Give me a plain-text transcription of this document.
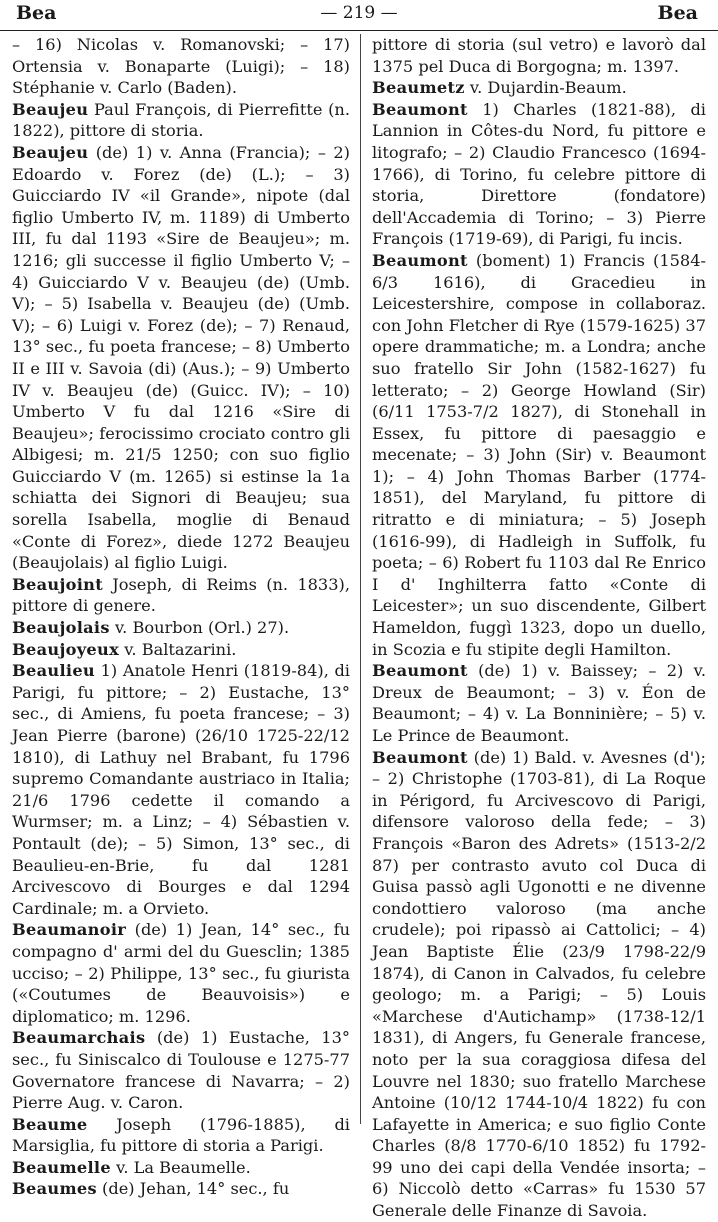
Bea	— 219 —	Bea

– 16) Nicolas v. Romanovski; – 17) Ortensia v. Bonaparte (Luigi); – 18) Stéphanie v. Carlo (Baden).

Beaujeu Paul François, di Pierrefitte (n. 1822), pittore di storia.

Beaujeu (de) 1) v. Anna (Francia); – 2) Edoardo v. Forez (de) (L.); – 3) Guicciardo IV «il Grande», nipote (dal figlio Umberto IV, m. 1189) di Umberto III, fu dal 1193 «Sire de Beaujeu»; m. 1216; gli successe il figlio Umberto V; – 4) Guicciardo V v. Beaujeu (de) (Umb. V); – 5) Isabella v. Beaujeu (de) (Umb. V); – 6) Luigi v. Forez (de); – 7) Renaud, 13° sec., fu poeta francese; – 8) Umberto II e III v. Savoia (di) (Aus.); – 9) Umberto IV v. Beaujeu (de) (Guicc. IV); – 10) Umberto V fu dal 1216 «Sire di Beaujeu»; ferocissimo crociato contro gli Albigesi; m. 21/5 1250; con suo figlio Guicciardo V (m. 1265) si estinse la 1a schiatta dei Signori di Beaujeu; sua sorella Isabella, moglie di Benaud «Conte di Forez», diede 1272 Beaujeu (Beaujolais) al figlio Luigi.

Beaujoint Joseph, di Reims (n. 1833), pittore di genere.

Beaujolais v. Bourbon (Orl.) 27).

Beaujoyeux v. Baltazarini.

Beaulieu 1) Anatole Henri (1819-84), di Parigi, fu pittore; – 2) Eustache, 13° sec., di Amiens, fu poeta francese; – 3) Jean Pierre (barone) (26/10 1725-22/12 1810), di Lathuy nel Brabant, fu 1796 supremo Comandante austriaco in Italia; 21/6 1796 cedette il comando a Wurmser; m. a Linz; – 4) Sébastien v. Pontault (de); – 5) Simon, 13° sec., di Beaulieu-en-Brie, fu dal 1281 Arcivescovo di Bourges e dal 1294 Cardinale; m. a Orvieto.

Beaumanoir (de) 1) Jean, 14° sec., fu compagno d' armi del du Guesclin; 1385 ucciso; – 2) Philippe, 13° sec., fu giurista («Coutumes de Beauvoisis») e diplomatico; m. 1296.

Beaumarchais (de) 1) Eustache, 13° sec., fu Siniscalco di Toulouse e 1275-77 Governatore francese di Navarra; – 2) Pierre Aug. v. Caron.

Beaume Joseph (1796-1885), di Marsiglia, fu pittore di storia a Parigi.

Beaumelle v. La Beaumelle.

Beaumes (de) Jehan, 14° sec., fu

pittore di storia (sul vetro) e lavorò dal 1375 pel Duca di Borgogna; m. 1397.

Beaumetz v. Dujardin-Beaum.

Beaumont 1) Charles (1821-88), di Lannion in Côtes-du Nord, fu pittore e litografo; – 2) Claudio Francesco (1694-1766), di Torino, fu celebre pittore di storia, Direttore (fondatore) dell'Accademia di Torino; – 3) Pierre François (1719-69), di Parigi, fu incis.

Beaumont (boment) 1) Francis (1584-6/3 1616), di Gracedieu in Leicestershire, compose in collaboraz. con John Fletcher di Rye (1579-1625) 37 opere drammatiche; m. a Londra; anche suo fratello Sir John (1582-1627) fu letterato; – 2) George Howland (Sir) (6/11 1753-7/2 1827), di Stonehall in Essex, fu pittore di paesaggio e mecenate; – 3) John (Sir) v. Beaumont 1); – 4) John Thomas Barber (1774-1851), del Maryland, fu pittore di ritratto e di miniatura; – 5) Joseph (1616-99), di Hadleigh in Suffolk, fu poeta; – 6) Robert fu 1103 dal Re Enrico I d' Inghilterra fatto «Conte di Leicester»; un suo discendente, Gilbert Hameldon, fuggì 1323, dopo un duello, in Scozia e fu stipite degli Hamilton.

Beaumont (de) 1) v. Baissey; – 2) v. Dreux de Beaumont; – 3) v. Éon de Beaumont; – 4) v. La Bonninière; – 5) v. Le Prince de Beaumont.

Beaumont (de) 1) Bald. v. Avesnes (d'); – 2) Christophe (1703-81), di La Roque in Périgord, fu Arcivescovo di Parigi, difensore valoroso della fede; – 3) François «Baron des Adrets» (1513-2/2 87) per contrasto avuto col Duca di Guisa passò agli Ugonotti e ne divenne condottiero valoroso (ma anche crudele); poi ripassò ai Cattolici; – 4) Jean Baptiste Élie (23/9 1798-22/9 1874), di Canon in Calvados, fu celebre geologo; m. a Parigi; – 5) Louis «Marchese d'Autichamp» (1738-12/1 1831), di Angers, fu Generale francese, noto per la sua coraggiosa difesa del Louvre nel 1830; suo fratello Marchese Antoine (10/12 1744-10/4 1822) fu con Lafayette in America; e suo figlio Conte Charles (8/8 1770-6/10 1852) fu 1792-99 uno dei capi della Vendée insorta; – 6) Niccolò detto «Carras» fu 1530 57 Generale delle Finanze di Savoia.
